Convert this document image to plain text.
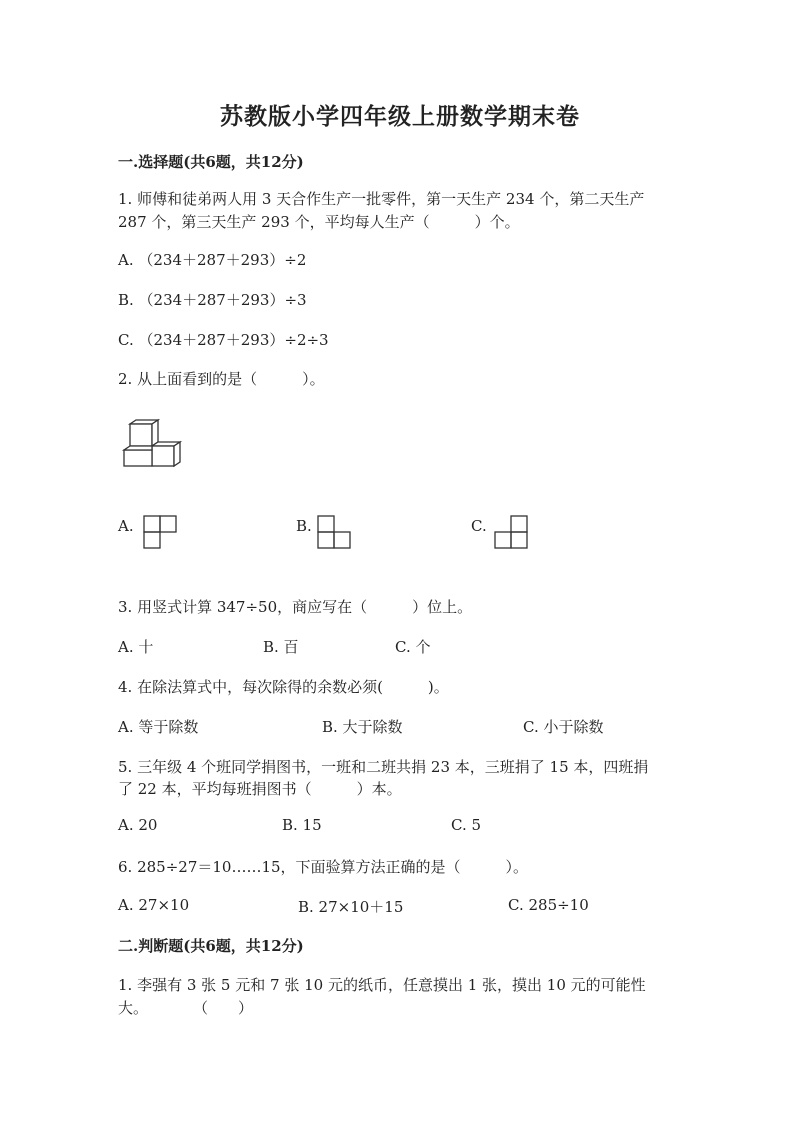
苏教版小学四年级上册数学期末卷
一.选择题(共6题，共12分)
1. 师傅和徒弟两人用 3 天合作生产一批零件，第一天生产 234 个，第二天生产
287 个，第三天生产 293 个，平均每人生产（　　　）个。
A. （234＋287＋293）÷2
B. （234＋287＋293）÷3
C. （234＋287＋293）÷2÷3
2. 从上面看到的是（　　　）。
A.	B.	C.
3. 用竖式计算 347÷50，商应写在（　　　）位上。
A. 十	B. 百	C. 个
4. 在除法算式中，每次除得的余数必须(　　　)。
A. 等于除数	B. 大于除数	C. 小于除数
5. 三年级 4 个班同学捐图书，一班和二班共捐 23 本，三班捐了 15 本，四班捐
了 22 本，平均每班捐图书（　　　）本。
A. 20	B. 15	C. 5
6. 285÷27＝10……15，下面验算方法正确的是（　　　）。
A. 27×10	B. 27×10＋15	C. 285÷10
二.判断题(共6题，共12分)
1. 李强有 3 张 5 元和 7 张 10 元的纸币，任意摸出 1 张，摸出 10 元的可能性
大。　　　　（　　）
